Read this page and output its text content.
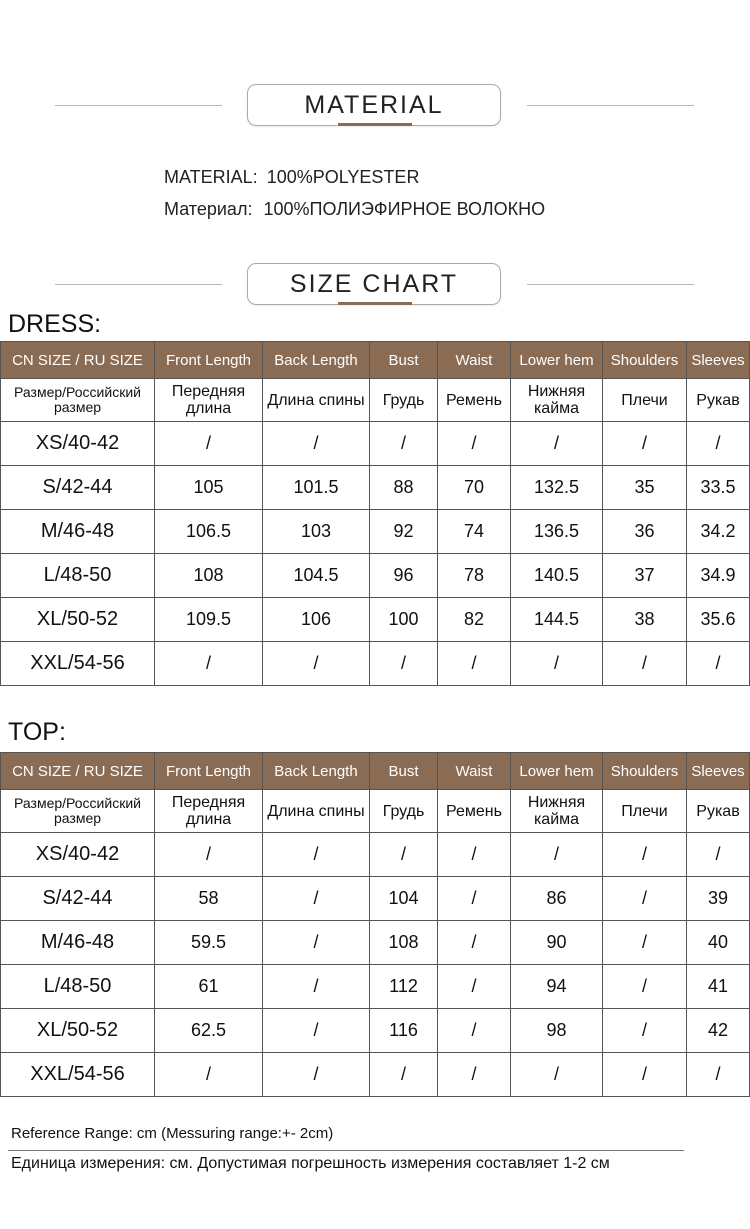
MATERIAL
MATERIAL: 100%POLYESTER
Материал: 100%ПОЛИЭФИРНОЕ ВОЛОКНО
SIZE CHART
DRESS:
CN SIZE / RU SIZE	Front Length	Back Length	Bust	Waist	Lower hem	Shoulders	Sleeves
Размер/Российский размер	Передняя длина	Длина спины	Грудь	Ремень	Нижняя кайма	Плечи	Рукав
XS/40-42	/	/	/	/	/	/	/
S/42-44	105	101.5	88	70	132.5	35	33.5
M/46-48	106.5	103	92	74	136.5	36	34.2
L/48-50	108	104.5	96	78	140.5	37	34.9
XL/50-52	109.5	106	100	82	144.5	38	35.6
XXL/54-56	/	/	/	/	/	/	/
TOP:
CN SIZE / RU SIZE	Front Length	Back Length	Bust	Waist	Lower hem	Shoulders	Sleeves
Размер/Российский размер	Передняя длина	Длина спины	Грудь	Ремень	Нижняя кайма	Плечи	Рукав
XS/40-42	/	/	/	/	/	/	/
S/42-44	58	/	104	/	86	/	39
M/46-48	59.5	/	108	/	90	/	40
L/48-50	61	/	112	/	94	/	41
XL/50-52	62.5	/	116	/	98	/	42
XXL/54-56	/	/	/	/	/	/	/
Reference Range: cm (Messuring range:+- 2cm)
Единица измерения: см. Допустимая погрешность измерения составляет 1-2 см
